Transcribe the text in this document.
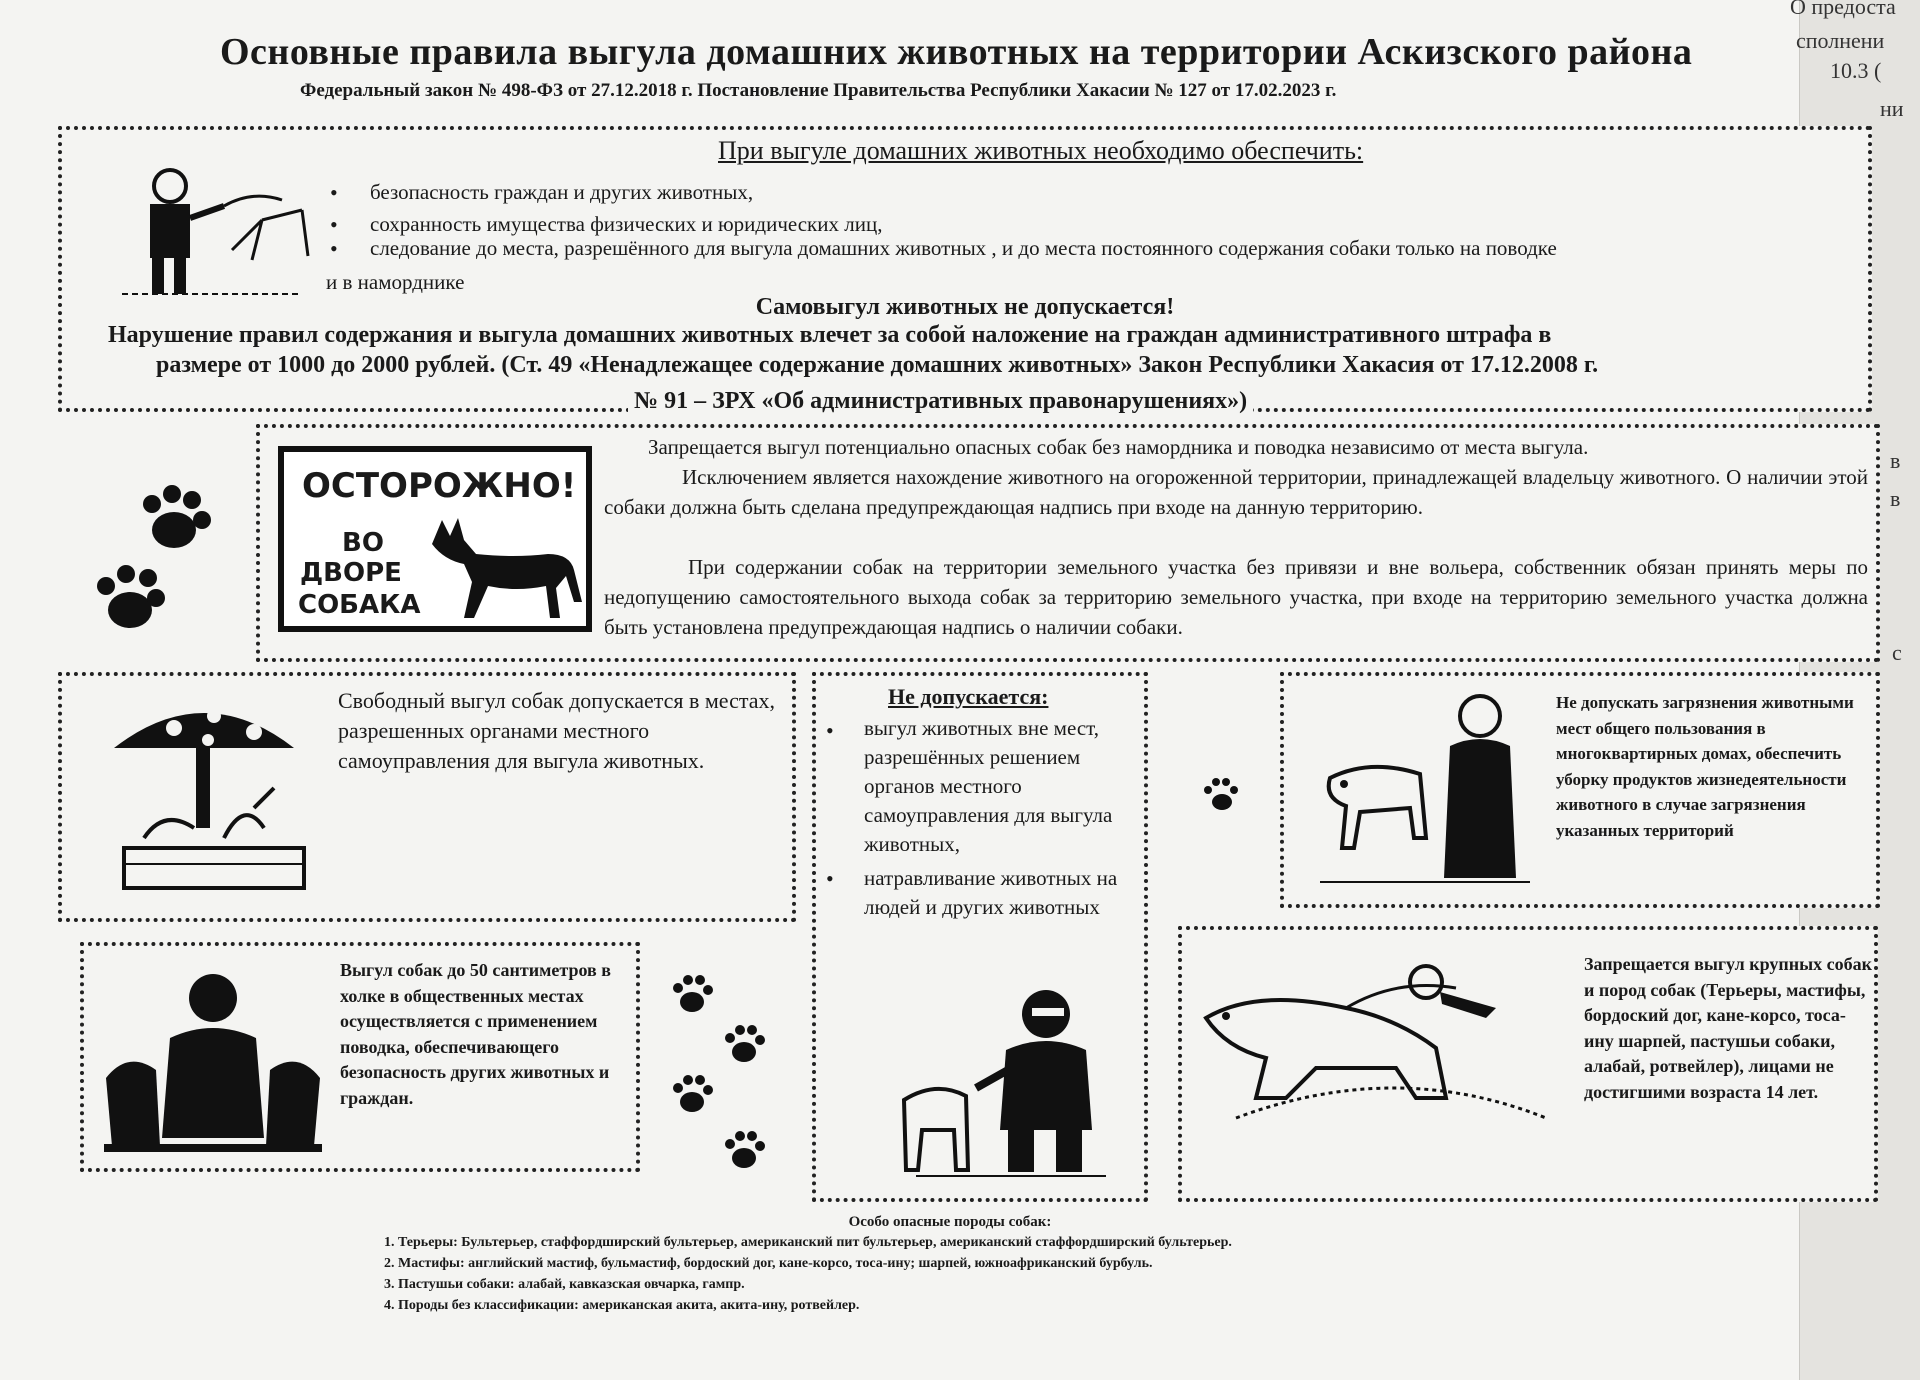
О предоста
сполнени
10.3 (
ни
в
в
с
Основные правила выгула домашних животных на территории Аскизского района
Федеральный закон № 498-ФЗ от 27.12.2018 г. Постановление Правительства Республики Хакасии № 127 от 17.02.2023 г.
При выгуле домашних животных необходимо обеспечить:
• безопасность граждан и других животных,
• сохранность имущества физических и юридических лиц,
• следование до места, разрешённого для выгула домашних животных , и до места постоянного содержания собаки только на поводке
и в наморднике
Самовыгул животных не допускается!
Нарушение правил содержания и выгула домашних животных влечет за собой наложение на граждан административного штрафа в
размере от 1000 до 2000 рублей. (Ст. 49 «Ненадлежащее содержание домашних животных» Закон Республики Хакасия от 17.12.2008 г.
№ 91 – ЗРХ «Об административных правонарушениях»)
ОСТОРОЖНО!
ВО
ДВОРЕ
СОБАКА
Запрещается выгул потенциально опасных собак без намордника и поводка независимо от места выгула.
Исключением является нахождение животного на огороженной территории, принадлежащей владельцу животного. О наличии этой собаки должна быть сделана предупреждающая надпись при входе на данную территорию.
При содержании собак на территории земельного участка без привязи и вне вольера, собственник обязан принять меры по недопущению самостоятельного выхода собак за территорию земельного участка, при входе на территорию земельного участка должна быть установлена предупреждающая надпись о наличии собаки.
Свободный выгул собак допускается в местах, разрешенных органами местного самоуправления для выгула животных.
Не допускается:
выгул животных вне мест, разрешённых решением органов местного самоуправления для выгула животных,
•
натравливание животных на людей и других животных
•
Не допускать загрязнения животными мест общего пользования в многоквартирных домах, обеспечить уборку продуктов жизнедеятельности животного в случае загрязнения указанных территорий
Выгул собак до 50 сантиметров в холке в общественных местах осуществляется с применением поводка, обеспечивающего безопасность других животных и граждан.
Запрещается выгул крупных собак и пород собак (Терьеры, мастифы, бордоский дог, кане-корсо, тоса-ину шарпей, пастушьи собаки, алабай, ротвейлер), лицами не достигшими возраста 14 лет.
Особо опасные породы собак:
1. Терьеры: Бультерьер, стаффордширский бультерьер, американский пит бультерьер, американский стаффордширский бультерьер.
2. Мастифы: английский мастиф, бульмастиф, бордоский дог, кане-корсо, тоса-ину; шарпей, южноафриканский бурбуль.
3. Пастушьи собаки: алабай, кавказская овчарка, гампр.
4. Породы без классификации: американская акита, акита-ину, ротвейлер.
